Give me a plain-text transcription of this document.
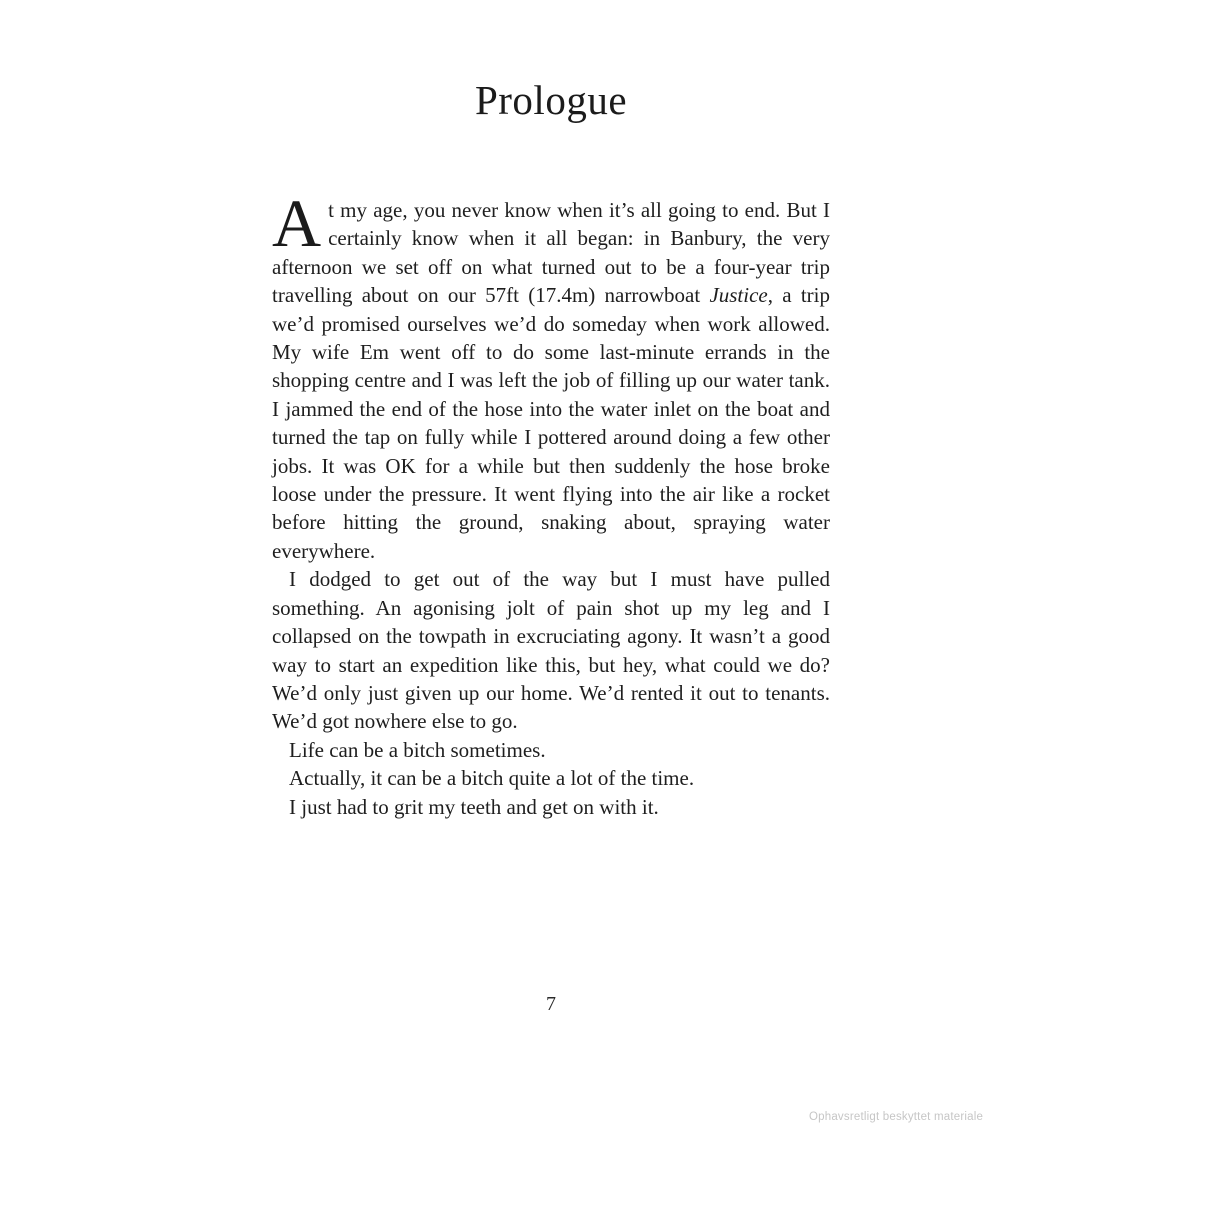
Prologue

At my age, you never know when it’s all going to end. But I certainly know when it all began: in Banbury, the very afternoon we set off on what turned out to be a four-year trip travelling about on our 57ft (17.4m) narrowboat Justice, a trip we’d promised ourselves we’d do someday when work allowed. My wife Em went off to do some last-minute errands in the shopping centre and I was left the job of filling up our water tank. I jammed the end of the hose into the water inlet on the boat and turned the tap on fully while I pottered around doing a few other jobs. It was OK for a while but then suddenly the hose broke loose under the pressure. It went flying into the air like a rocket before hitting the ground, snaking about, spraying water everywhere.

I dodged to get out of the way but I must have pulled something. An agonising jolt of pain shot up my leg and I collapsed on the towpath in excruciating agony. It wasn’t a good way to start an expedition like this, but hey, what could we do? We’d only just given up our home. We’d rented it out to tenants. We’d got nowhere else to go.

Life can be a bitch sometimes.

Actually, it can be a bitch quite a lot of the time.

I just had to grit my teeth and get on with it.

7
Ophavsretligt beskyttet materiale
